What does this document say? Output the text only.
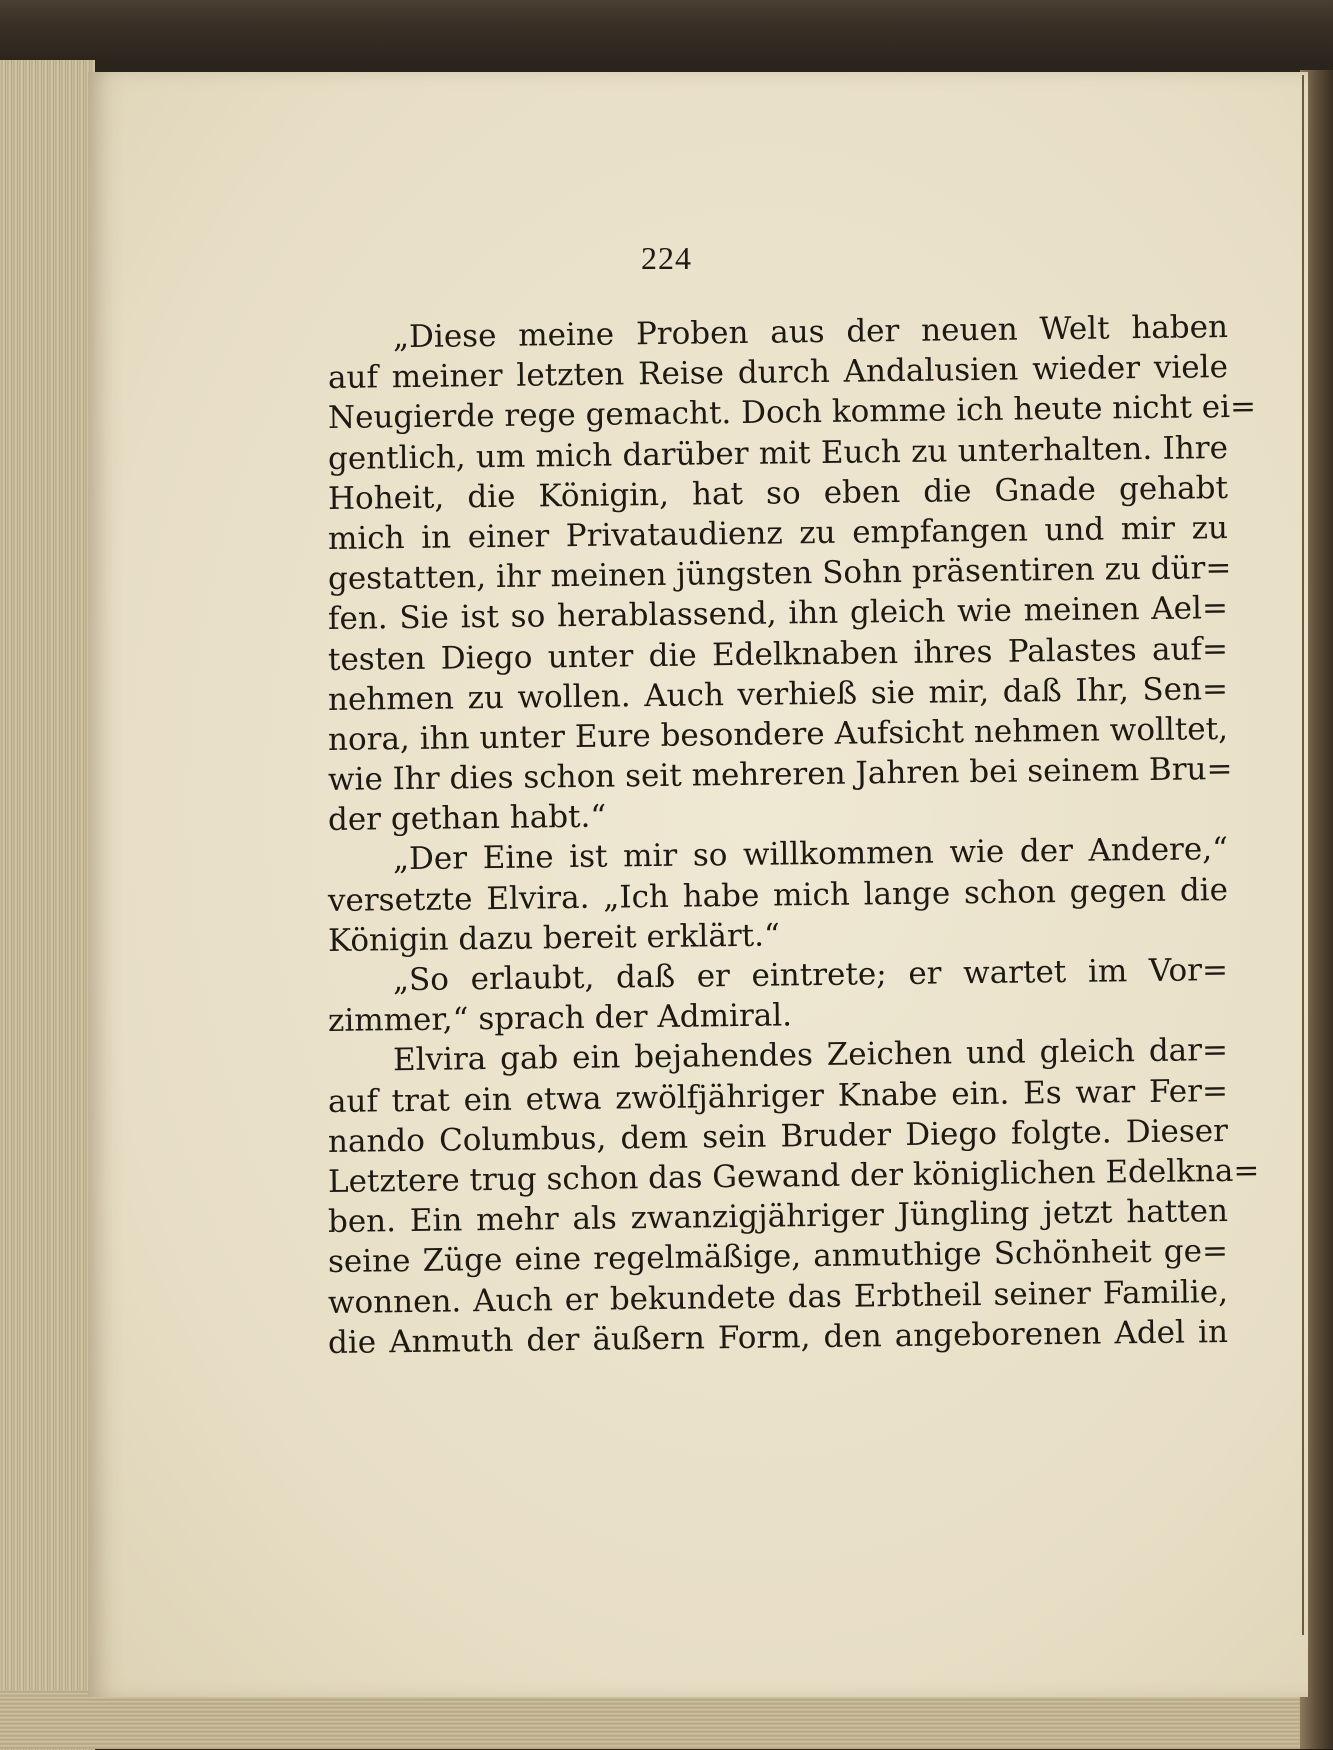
224
„Diese meine Proben aus der neuen Welt haben
auf meiner letzten Reise durch Andalusien wieder viele
Neugierde rege gemacht. Doch komme ich heute nicht ei=
gentlich, um mich darüber mit Euch zu unterhalten. Ihre
Hoheit, die Königin, hat so eben die Gnade gehabt
mich in einer Privataudienz zu empfangen und mir zu
gestatten, ihr meinen jüngsten Sohn präsentiren zu dür=
fen. Sie ist so herablassend, ihn gleich wie meinen Ael=
testen Diego unter die Edelknaben ihres Palastes auf=
nehmen zu wollen. Auch verhieß sie mir, daß Ihr, Sen=
nora, ihn unter Eure besondere Aufsicht nehmen wolltet,
wie Ihr dies schon seit mehreren Jahren bei seinem Bru=
der gethan habt.“
„Der Eine ist mir so willkommen wie der Andere,“
versetzte Elvira. „Ich habe mich lange schon gegen die
Königin dazu bereit erklärt.“
„So erlaubt, daß er eintrete; er wartet im Vor=
zimmer,“ sprach der Admiral.
Elvira gab ein bejahendes Zeichen und gleich dar=
auf trat ein etwa zwölfjähriger Knabe ein. Es war Fer=
nando Columbus, dem sein Bruder Diego folgte. Dieser
Letztere trug schon das Gewand der königlichen Edelkna=
ben. Ein mehr als zwanzigjähriger Jüngling jetzt hatten
seine Züge eine regelmäßige, anmuthige Schönheit ge=
wonnen. Auch er bekundete das Erbtheil seiner Familie,
die Anmuth der äußern Form, den angeborenen Adel in
